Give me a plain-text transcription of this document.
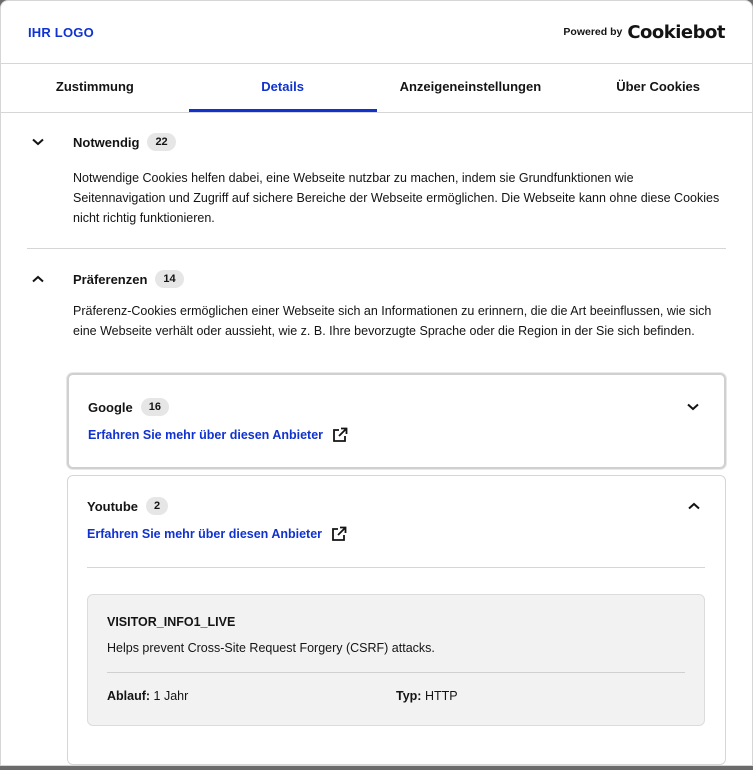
IHR LOGO	Powered by Cookiebot
Zustimmung	Details	Anzeigeneinstellungen	Über Cookies
Notwendig	22

Notwendige Cookies helfen dabei, eine Webseite nutzbar zu machen, indem sie Grundfunktionen wie Seitennavigation und Zugriff auf sichere Bereiche der Webseite ermöglichen. Die Webseite kann ohne diese Cookies nicht richtig funktionieren.

Präferenzen	14

Präferenz-Cookies ermöglichen einer Webseite sich an Informationen zu erinnern, die die Art beeinflussen, wie sich eine Webseite verhält oder aussieht, wie z. B. Ihre bevorzugte Sprache oder die Region in der Sie sich befinden.

Google	16
Erfahren Sie mehr über diesen Anbieter
Youtube	2
Erfahren Sie mehr über diesen Anbieter
VISITOR_INFO1_LIVE
Helps prevent Cross-Site Request Forgery (CSRF) attacks.
Ablauf: 1 Jahr	Typ: HTTP
